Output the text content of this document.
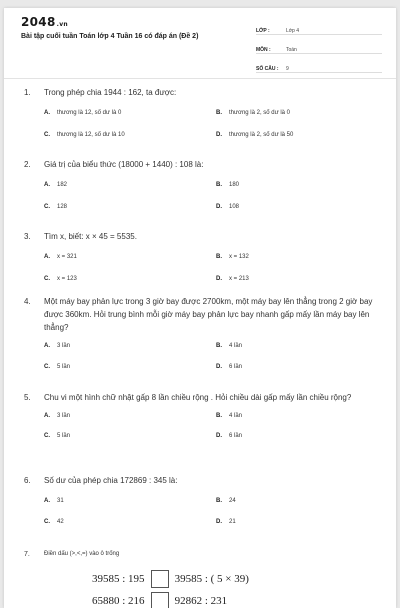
2048.vn
Bài tập cuối tuần Toán lớp 4 Tuần 16 có đáp án (Đề 2)
LỚP :	Lớp 4
MÔN :	Toán
SỐ CÂU :	9
1.	Trong phép chia 1944 : 162, ta được:
A.	thương là 12, số dư là 0	B.	thương là 2, số dư là 0
C.	thương là 12, số dư là 10	D.	thương là 2, số dư là 50
2.	Giá trị của biểu thức (18000 + 1440) : 108 là:
A.	182	B.	180
C.	128	D.	108
3.	Tìm x, biết: x × 45 = 5535.
A.	x = 321	B.	x = 132
C.	x = 123	D.	x = 213
4.	Một máy bay phản lực trong 3 giờ bay được 2700km, một máy bay lên thẳng trong 2 giờ bay được 360km. Hỏi trung bình mỗi giờ máy bay phản lực bay nhanh gấp mấy lần máy bay lên thẳng?
A.	3 lần	B.	4 lần
C.	5 lần	D.	6 lần
5.	Chu vi một hình chữ nhật gấp 8 lần chiều rộng . Hỏi chiều dài gấp mấy lần chiều rộng?
A.	3 lần	B.	4 lần
C.	5 lần	D.	6 lần
6.	Số dư của phép chia 172869 : 345 là:
A.	31	B.	24
C.	42	D.	21
7.	Điền dấu (>,<,=) vào ô trống
39585 : 195	39585 : ( 5 × 39)
65880 : 216	92862 : 231
